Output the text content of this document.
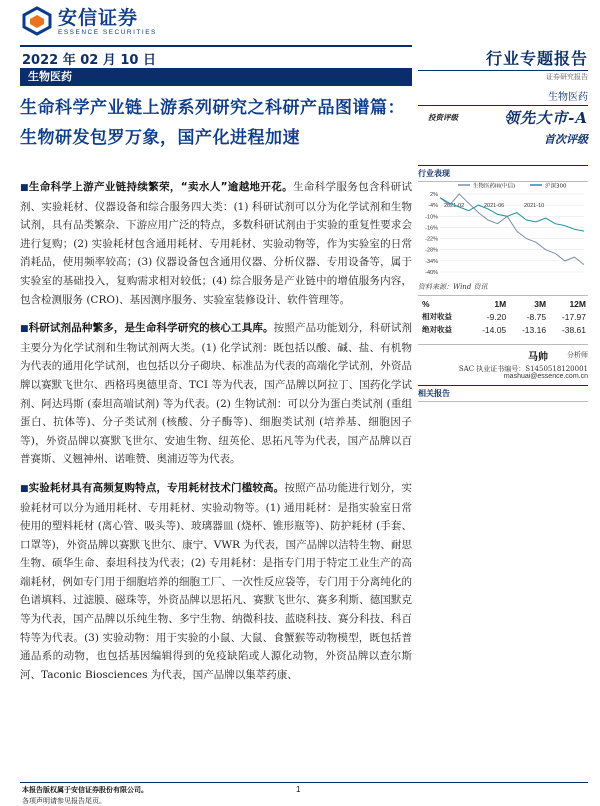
安信证券
ESSENCE SECURITIES
2022 年 02 月 10 日
生物医药
生命科学产业链上游系列研究之科研产品图谱篇：生物研发包罗万象，国产化进程加速

■生命科学上游产业链持续繁荣，“卖水人”逾越地开花。生命科学服务包含科研试剂、实验耗材、仪器设备和综合服务四大类：(1) 科研试剂可以分为化学试剂和生物试剂，具有品类繁杂、下游应用广泛的特点，多数科研试剂由于实验的重复性要求会进行复购；(2) 实验耗材包含通用耗材、专用耗材、实验动物等，作为实验室的日常消耗品，使用频率较高；(3) 仪器设备包含通用仪器、分析仪器、专用设备等，属于实验室的基础投入，复购需求相对较低；(4) 综合服务是产业链中的增值服务内容，包含检测服务 (CRO)、基因测序服务、实验室装修设计、软件管理等。

■科研试剂品种繁多，是生命科学研究的核心工具库。按照产品功能划分，科研试剂主要分为化学试剂和生物试剂两大类。(1) 化学试剂：既包括以酸、碱、盐、有机物为代表的通用化学试剂，也包括以分子砌块、标准品为代表的高端化学试剂，外资品牌以赛默飞世尔、西格玛奥德里奇、TCI 等为代表，国产品牌以阿拉丁、国药化学试剂、阿达玛斯 (泰坦高端试剂) 等为代表。(2) 生物试剂：可以分为蛋白类试剂 (重组蛋白、抗体等)、分子类试剂 (核酸、分子酶等)、细胞类试剂 (培养基、细胞因子等)，外资品牌以赛默飞世尔、安迪生物、纽英伦、思拓凡等为代表，国产品牌以百普赛斯、义翘神州、诺唯赞、奥浦迈等为代表。

■实验耗材具有高频复购特点，专用耗材技术门槛较高。按照产品功能进行划分，实验耗材可以分为通用耗材、专用耗材、实验动物等。(1) 通用耗材：是指实验室日常使用的塑料耗材 (离心管、吸头等)、玻璃器皿 (烧杯、锥形瓶等)、防护耗材 (手套、口罩等)，外资品牌以赛默飞世尔、康宁、VWR 为代表，国产品牌以洁特生物、耐思生物、硕华生命、泰坦科技为代表；(2) 专用耗材：是指专门用于特定工业生产的高端耗材，例如专门用于细胞培养的细胞工厂、一次性反应袋等，专门用于分离纯化的色谱填料、过滤膜、磁珠等，外资品牌以思拓凡、赛默飞世尔、赛多利斯、德国默克等为代表，国产品牌以乐纯生物、多宁生物、纳微科技、蓝晓科技、赛分科技、科百特等为代表。(3) 实验动物：用于实验的小鼠、大鼠、食蟹猴等动物模型，既包括普通品系的动物，也包括基因编辑得到的免疫缺陷或人源化动物，外资品牌以查尔斯河、Taconic Biosciences 为代表，国产品牌以集萃药康、

行业专题报告
证券研究报告
生物医药
投资评级	领先大市-A
首次评级
行业表现
生物医药III(中信)	沪深300
2%
-4%
-10%
-16%
-22%
-28%
-34%
-40%
2021-02	2021-06	2021-10
资料来源：Wind 资讯
%	1M	3M	12M
相对收益	-9.20	-8.75	-17.97
绝对收益	-14.05	-13.16	-38.61
马帅	分析师
SAC 执业证书编号：S1450518120001
mashuai@essence.com.cn
相关报告
本报告版权属于安信证券股份有限公司。	1
各项声明请参见报告尾页。
